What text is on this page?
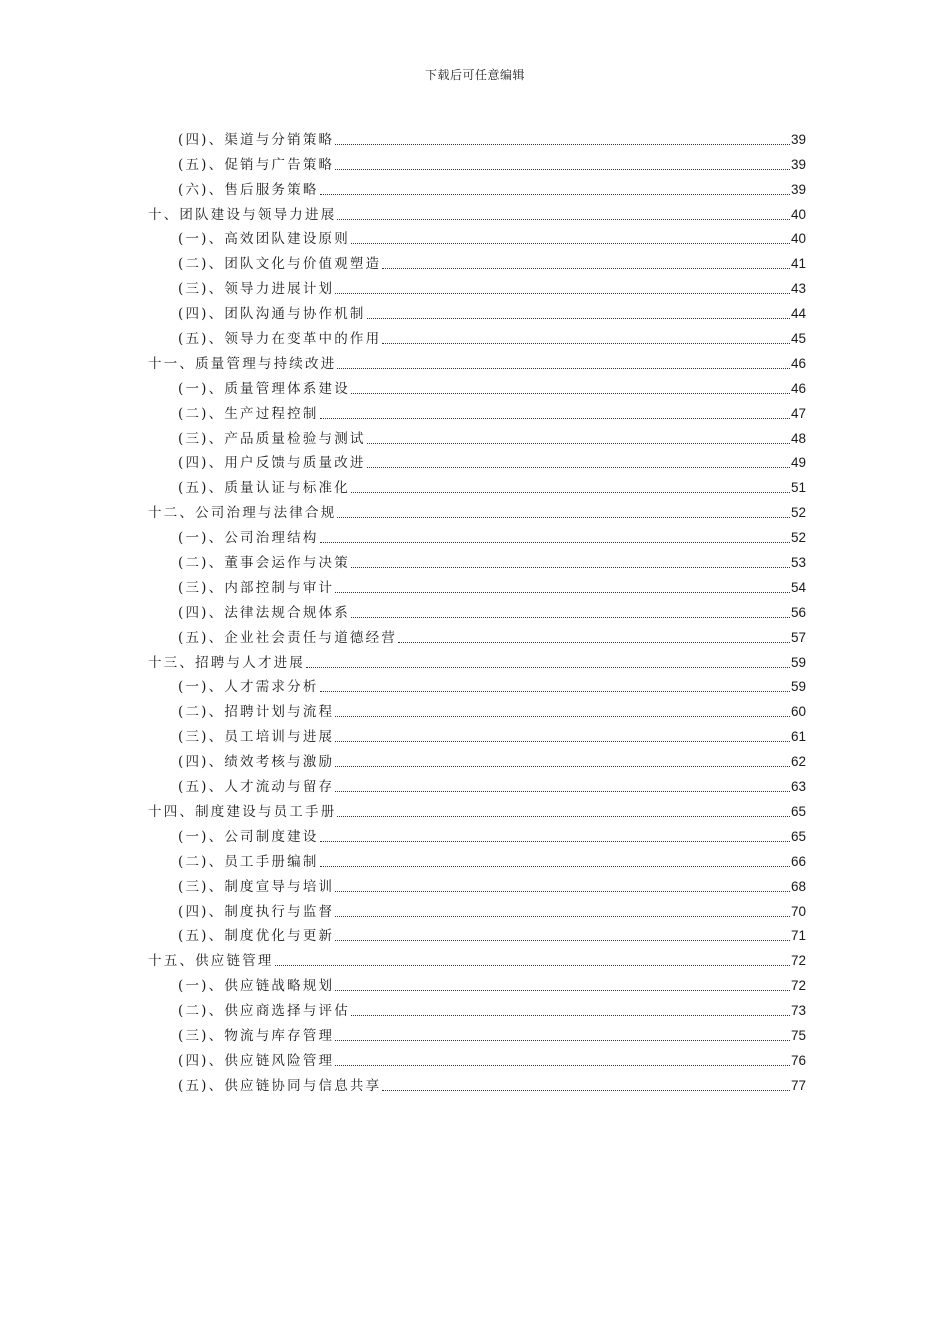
下载后可任意编辑
(四)、渠道与分销策略	39
(五)、促销与广告策略	39
(六)、售后服务策略	39
十、团队建设与领导力进展	40
(一)、高效团队建设原则	40
(二)、团队文化与价值观塑造	41
(三)、领导力进展计划	43
(四)、团队沟通与协作机制	44
(五)、领导力在变革中的作用	45
十一、质量管理与持续改进	46
(一)、质量管理体系建设	46
(二)、生产过程控制	47
(三)、产品质量检验与测试	48
(四)、用户反馈与质量改进	49
(五)、质量认证与标准化	51
十二、公司治理与法律合规	52
(一)、公司治理结构	52
(二)、董事会运作与决策	53
(三)、内部控制与审计	54
(四)、法律法规合规体系	56
(五)、企业社会责任与道德经营	57
十三、招聘与人才进展	59
(一)、人才需求分析	59
(二)、招聘计划与流程	60
(三)、员工培训与进展	61
(四)、绩效考核与激励	62
(五)、人才流动与留存	63
十四、制度建设与员工手册	65
(一)、公司制度建设	65
(二)、员工手册编制	66
(三)、制度宣导与培训	68
(四)、制度执行与监督	70
(五)、制度优化与更新	71
十五、供应链管理	72
(一)、供应链战略规划	72
(二)、供应商选择与评估	73
(三)、物流与库存管理	75
(四)、供应链风险管理	76
(五)、供应链协同与信息共享	77
